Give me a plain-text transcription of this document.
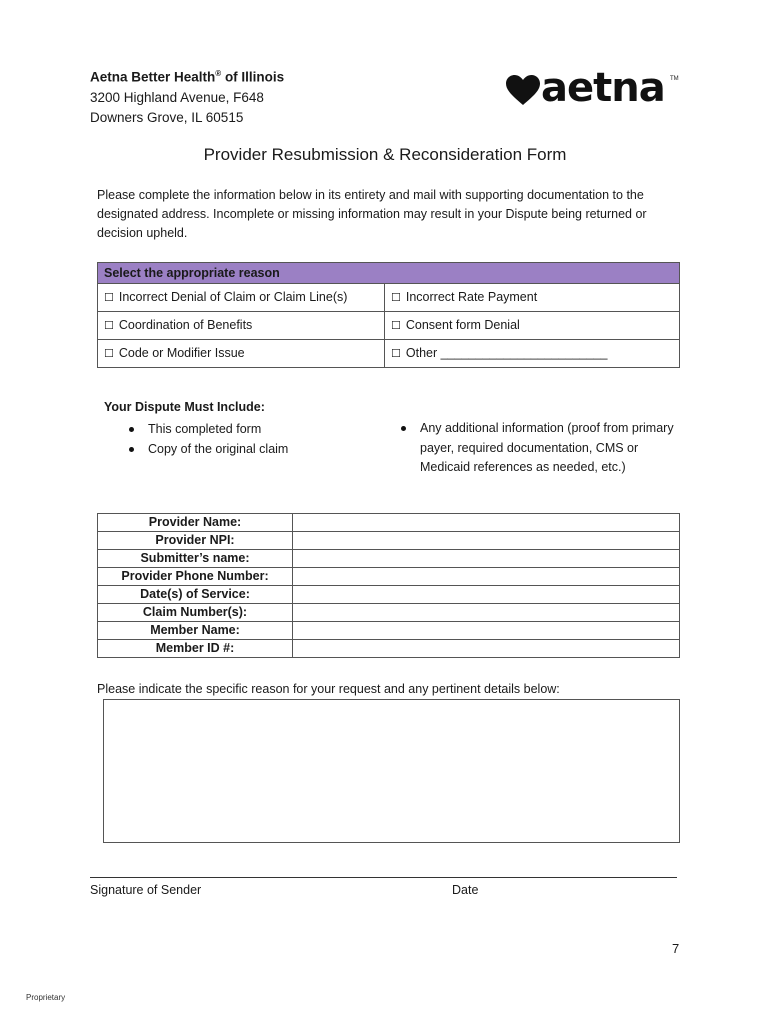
Aetna Better Health® of Illinois
3200 Highland Avenue, F648
Downers Grove, IL 60515
aetna TM
Provider Resubmission & Reconsideration Form
Please complete the information below in its entirety and mail with supporting documentation to the designated address. Incomplete or missing information may result in your Dispute being returned or decision upheld.
Select the appropriate reason	
☐ Incorrect Denial of Claim or Claim Line(s)	☐ Incorrect Rate Payment
☐ Coordination of Benefits	☐ Consent form Denial
☐ Code or Modifier Issue	☐ Other ________________________
Your Dispute Must Include:
This completed form
Copy of the original claim
Any additional information (proof from primary payer, required documentation, CMS or Medicaid references as needed, etc.)
Provider Name:	
Provider NPI:	
Submitter’s name:	
Provider Phone Number:	
Date(s) of Service:	
Claim Number(s):	
Member Name:	
Member ID #:	
Please indicate the specific reason for your request and any pertinent details below:
Signature of Sender	Date
7
Proprietary
